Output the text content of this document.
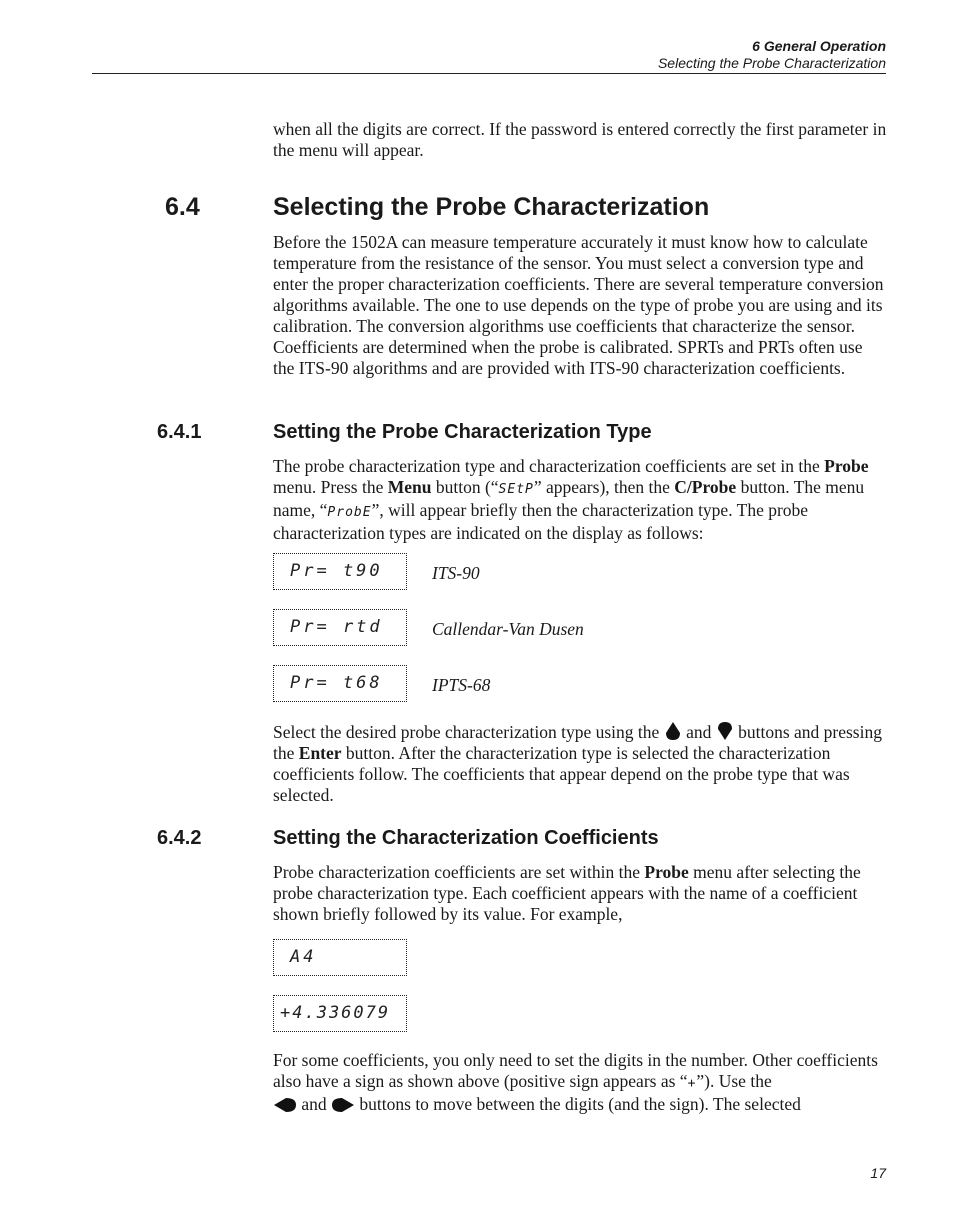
6 General Operation
Selecting the Probe Characterization

when all the digits are correct. If the password is entered correctly the first parameter in the menu will appear.

6.4	Selecting the Probe Characterization

Before the 1502A can measure temperature accurately it must know how to calculate temperature from the resistance of the sensor. You must select a conversion type and enter the proper characterization coefficients. There are several temperature conversion algorithms available. The one to use depends on the type of probe you are using and its calibration. The conversion algorithms use coefficients that characterize the sensor. Coefficients are determined when the probe is calibrated. SPRTs and PRTs often use the ITS-90 algorithms and are provided with ITS-90 characterization coefficients.

6.4.1	Setting the Probe Characterization Type

The probe characterization type and characterization coefficients are set in the Probe menu. Press the Menu button (“SEtP” appears), then the C/Probe button. The menu name, “ProbE”, will appear briefly then the characterization type. The probe characterization types are indicated on the display as follows:

Pr= t90	ITS-90
Pr= rtd	Callendar-Van Dusen
Pr= t68	IPTS-68

Select the desired probe characterization type using the  and  buttons and pressing the Enter button. After the characterization type is selected the characterization coefficients follow. The coefficients that appear depend on the probe type that was selected.

6.4.2	Setting the Characterization Coefficients

Probe characterization coefficients are set within the Probe menu after selecting the probe characterization type. Each coefficient appears with the name of a coefficient shown briefly followed by its value. For example,

A4
+4.336079

For some coefficients, you only need to set the digits in the number. Other coefficients also have a sign as shown above (positive sign appears as “+”). Use the
and  buttons to move between the digits (and the sign). The selected

17
